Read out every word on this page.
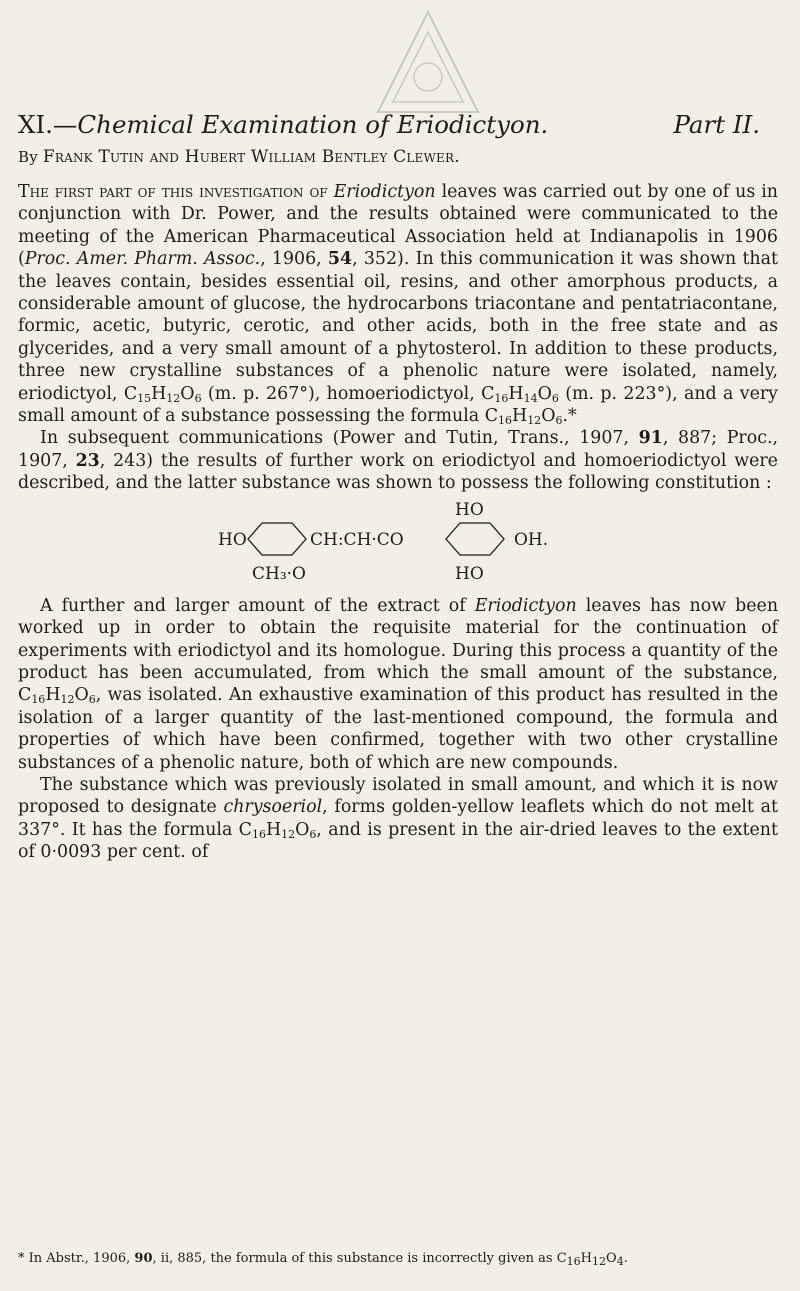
XI.—Chemical Examination of Eriodictyon.	Part II.
By Frank Tutin and Hubert William Bentley Clewer.

The first part of this investigation of Eriodictyon leaves was carried out by one of us in conjunction with Dr. Power, and the results obtained were communicated to the meeting of the American Pharmaceutical Association held at Indianapolis in 1906 (Proc. Amer. Pharm. Assoc., 1906, 54, 352). In this communication it was shown that the leaves contain, besides essential oil, resins, and other amorphous products, a considerable amount of glucose, the hydrocarbons triacontane and pentatriacontane, formic, acetic, butyric, cerotic, and other acids, both in the free state and as glycerides, and a very small amount of a phytosterol. In addition to these products, three new crystalline substances of a phenolic nature were isolated, namely, eriodictyol, $C_{15}H_{12}O_6$ (m. p. 267°), homoeriodictyol, $C_{16}H_{14}O_6$ (m. p. 223°), and a very small amount of a substance possessing the formula $C_{16}H_{12}O_6.*$

In subsequent communications (Power and Tutin, Trans., 1907, 91, 887; Proc., 1907, 23, 243) the results of further work on eriodictyol and homoeriodictyol were described, and the latter substance was shown to possess the following constitution :

HO
HO	CH:CH·CO	OH.
CH₃·O	HO

A further and larger amount of the extract of Eriodictyon leaves has now been worked up in order to obtain the requisite material for the continuation of experiments with eriodictyol and its homologue. During this process a quantity of the product has been accumulated, from which the small amount of the substance, $C_{16}H_{12}O_6$, was isolated. An exhaustive examination of this product has resulted in the isolation of a larger quantity of the last-mentioned compound, the formula and properties of which have been confirmed, together with two other crystalline substances of a phenolic nature, both of which are new compounds.

The substance which was previously isolated in small amount, and which it is now proposed to designate chrysoeriol, forms golden-yellow leaflets which do not melt at 337°. It has the formula $C_{16}H_{12}O_6$, and is present in the air-dried leaves to the extent of 0·0093 per cent. of

* In Abstr., 1906, 90, ii, 885, the formula of this substance is incorrectly given as $C_{16}H_{12}O_4$.
